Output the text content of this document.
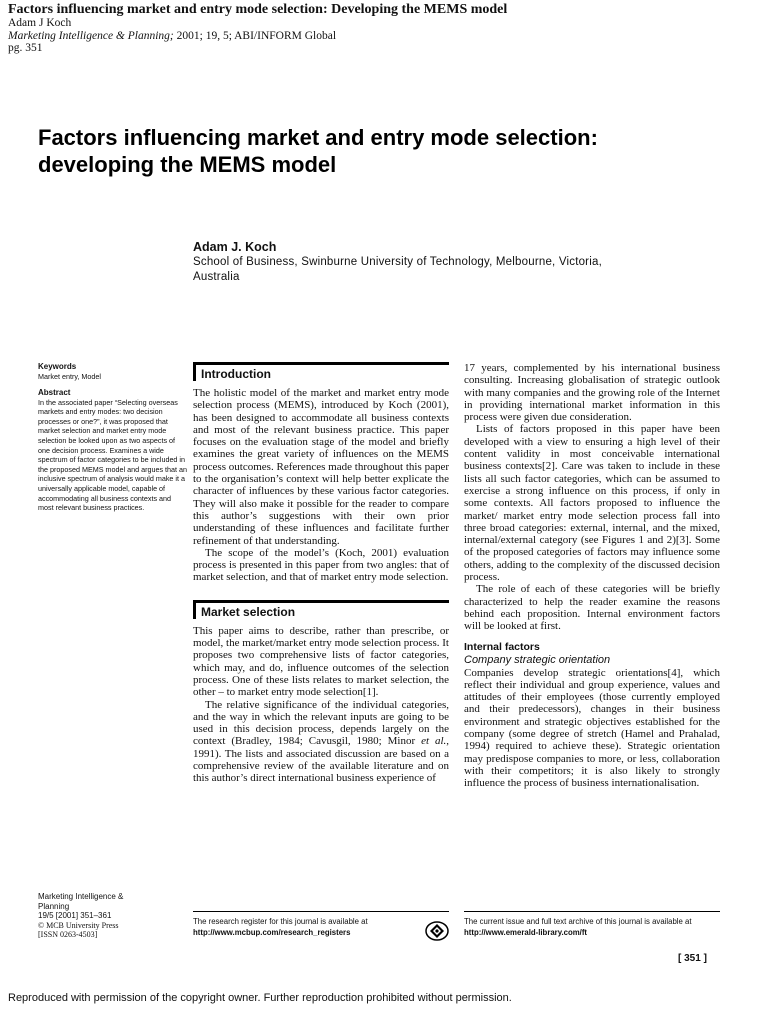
Factors influencing market and entry mode selection: Developing the MEMS model
Adam J Koch
Marketing Intelligence & Planning; 2001; 19, 5; ABI/INFORM Global
pg. 351
Factors influencing market and entry mode selection:
developing the MEMS model
Adam J. Koch
School of Business, Swinburne University of Technology, Melbourne, Victoria,
Australia
Keywords
Market entry, Model
Abstract
In the associated paper “Selecting overseas markets and entry modes: two decision processes or one?”, it was proposed that market selection and market entry mode selection be looked upon as two aspects of one decision process. Examines a wide spectrum of factor categories to be included in the proposed MEMS model and argues that an inclusive spectrum of analysis would make it a universally applicable model, capable of accommodating all business contexts and most relevant business practices.
Introduction

The holistic model of the market and market entry mode selection process (MEMS), introduced by Koch (2001), has been designed to accommodate all business contexts and most of the relevant business practice. This paper focuses on the evaluation stage of the model and briefly examines the great variety of influences on the MEMS process outcomes. References made throughout this paper to the organisation’s context will help better explicate the character of influences by these various factor categories. They will also make it possible for the reader to compare this author’s suggestions with their own prior understanding of these influences and facilitate further refinement of that understanding.

The scope of the model’s (Koch, 2001) evaluation process is presented in this paper from two angles: that of market selection, and that of market entry mode selection.

Market selection

This paper aims to describe, rather than prescribe, or model, the market/market entry mode selection process. It proposes two comprehensive lists of factor categories, which may, and do, influence outcomes of the selection process. One of these lists relates to market selection, the other – to market entry mode selection[1].

The relative significance of the individual categories, and the way in which the relevant inputs are going to be used in this decision process, depends largely on the context (Bradley, 1984; Cavusgil, 1980; Minor et al., 1991). The lists and associated discussion are based on a comprehensive review of the available literature and on this author’s direct international business experience of

17 years, complemented by his international business consulting. Increasing globalisation of strategic outlook with many companies and the growing role of the Internet in providing international market information in this process were given due consideration.

Lists of factors proposed in this paper have been developed with a view to ensuring a high level of their content validity in most conceivable international business contexts[2]. Care was taken to include in these lists all such factor categories, which can be assumed to exercise a strong influence on this process, if only in some contexts. All factors proposed to influence the market/ market entry mode selection process fall into three broad categories: external, internal, and the mixed, internal/external category (see Figures 1 and 2)[3]. Some of the proposed categories of factors may influence some others, adding to the complexity of the discussed decision process.

The role of each of these categories will be briefly characterized to help the reader examine the reasons behind each proposition. Internal environment factors will be looked at first.

Internal factors
Company strategic orientation

Companies develop strategic orientations[4], which reflect their individual and group experience, values and attitudes of their employees (those currently employed and their predecessors), changes in their business environment and strategic objectives established for the company (some degree of stretch (Hamel and Prahalad, 1994) required to achieve these). Strategic orientation may predispose companies to more, or less, collaboration with their competitors; it is also likely to strongly influence the process of business internationalisation.

Marketing Intelligence &
Planning
19/5 [2001] 351–361
© MCB University Press
[ISSN 0263-4503]
The research register for this journal is available at
http://www.mcbup.com/research_registers
The current issue and full text archive of this journal is available at
http://www.emerald-library.com/ft
[ 351 ]
Reproduced with permission of the copyright owner. Further reproduction prohibited without permission.
